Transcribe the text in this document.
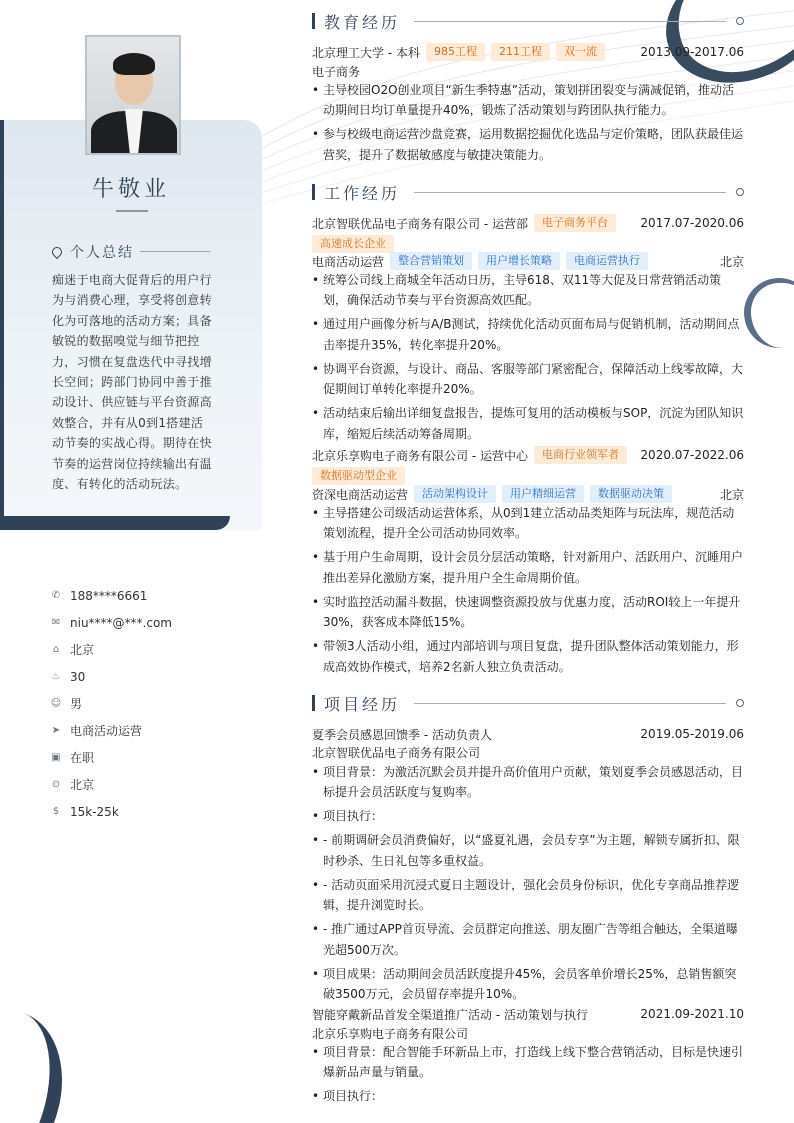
牛敬业
个人总结
痴迷于电商大促背后的用户行为与消费心理，享受将创意转化为可落地的活动方案；具备敏锐的数据嗅觉与细节把控力，习惯在复盘迭代中寻找增长空间；跨部门协同中善于推动设计、供应链与平台资源高效整合，并有从0到1搭建活动节奏的实战心得。期待在快节奏的运营岗位持续输出有温度、有转化的活动玩法。
✆ 188****6661
✉ niu****@***.com
⌂ 北京
♨ 30
☺ 男
➤ 电商活动运营
▣ 在职
⊙ 北京
$ 15k-25k
教育经历
北京理工大学 - 本科	985工程	211工程	双一流	2013.09-2017.06
电子商务
• 主导校园O2O创业项目“新生季特惠”活动，策划拼团裂变与满减促销，推动活动期间日均订单量提升40%，锻炼了活动策划与跨团队执行能力。
• 参与校级电商运营沙盘竞赛，运用数据挖掘优化选品与定价策略，团队获最佳运营奖，提升了数据敏感度与敏捷决策能力。
工作经历
北京智联优品电子商务有限公司 - 运营部	电子商务平台	2017.07-2020.06
高速成长企业
电商活动运营	整合营销策划	用户增长策略	电商运营执行	北京
• 统筹公司线上商城全年活动日历，主导618、双11等大促及日常营销活动策划，确保活动节奏与平台资源高效匹配。
• 通过用户画像分析与A/B测试，持续优化活动页面布局与促销机制，活动期间点击率提升35%，转化率提升20%。
• 协调平台资源，与设计、商品、客服等部门紧密配合，保障活动上线零故障，大促期间订单转化率提升20%。
• 活动结束后输出详细复盘报告，提炼可复用的活动模板与SOP，沉淀为团队知识库，缩短后续活动筹备周期。
北京乐享购电子商务有限公司 - 运营中心	电商行业领军者	2020.07-2022.06
数据驱动型企业
资深电商活动运营	活动架构设计	用户精细运营	数据驱动决策	北京
• 主导搭建公司级活动运营体系，从0到1建立活动品类矩阵与玩法库，规范活动策划流程，提升全公司活动协同效率。
• 基于用户生命周期，设计会员分层活动策略，针对新用户、活跃用户、沉睡用户推出差异化激励方案，提升用户全生命周期价值。
• 实时监控活动漏斗数据，快速调整资源投放与优惠力度，活动ROI较上一年提升30%，获客成本降低15%。
• 带领3人活动小组，通过内部培训与项目复盘，提升团队整体活动策划能力，形成高效协作模式，培养2名新人独立负责活动。
项目经历
夏季会员感恩回馈季 - 活动负责人	2019.05-2019.06
北京智联优品电子商务有限公司
• 项目背景：为激活沉默会员并提升高价值用户贡献，策划夏季会员感恩活动，目标提升会员活跃度与复购率。
• 项目执行：
• - 前期调研会员消费偏好，以“盛夏礼遇，会员专享”为主题，解锁专属折扣、限时秒杀、生日礼包等多重权益。
• - 活动页面采用沉浸式夏日主题设计，强化会员身份标识，优化专享商品推荐逻辑，提升浏览时长。
• - 推广通过APP首页导流、会员群定向推送、朋友圈广告等组合触达，全渠道曝光超500万次。
• 项目成果：活动期间会员活跃度提升45%，会员客单价增长25%，总销售额突破3500万元，会员留存率提升10%。
智能穿戴新品首发全渠道推广活动 - 活动策划与执行	2021.09-2021.10
北京乐享购电子商务有限公司
• 项目背景：配合智能手环新品上市，打造线上线下整合营销活动，目标是快速引爆新品声量与销量。
• 项目执行：
